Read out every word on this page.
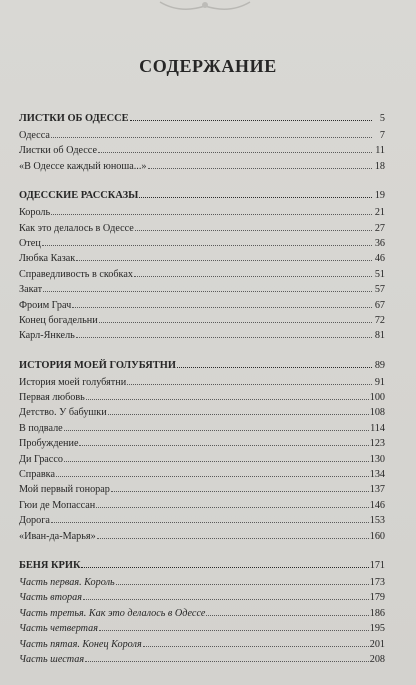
СОДЕРЖАНИЕ
ЛИСТКИ ОБ ОДЕССЕ	5
Одесса	7
Листки об Одессе	11
«В Одессе каждый юноша...»	18
ОДЕССКИЕ РАССКАЗЫ	19
Король	21
Как это делалось в Одессе	27
Отец	36
Любка Казак	46
Справедливость в скобках	51
Закат	57
Фроим Грач	67
Конец богадельни	72
Карл-Янкель	81
ИСТОРИЯ МОЕЙ ГОЛУБЯТНИ	89
История моей голубятни	91
Первая любовь	100
Детство. У бабушки	108
В подвале	114
Пробуждение	123
Ди Грассо	130
Справка	134
Мой первый гонорар	137
Гюи де Мопассан	146
Дорога	153
«Иван-да-Марья»	160
БЕНЯ КРИК	171
Часть первая. Король	173
Часть вторая	179
Часть третья. Как это делалось в Одессе	186
Часть четвертая	195
Часть пятая. Конец Короля	201
Часть шестая	208
